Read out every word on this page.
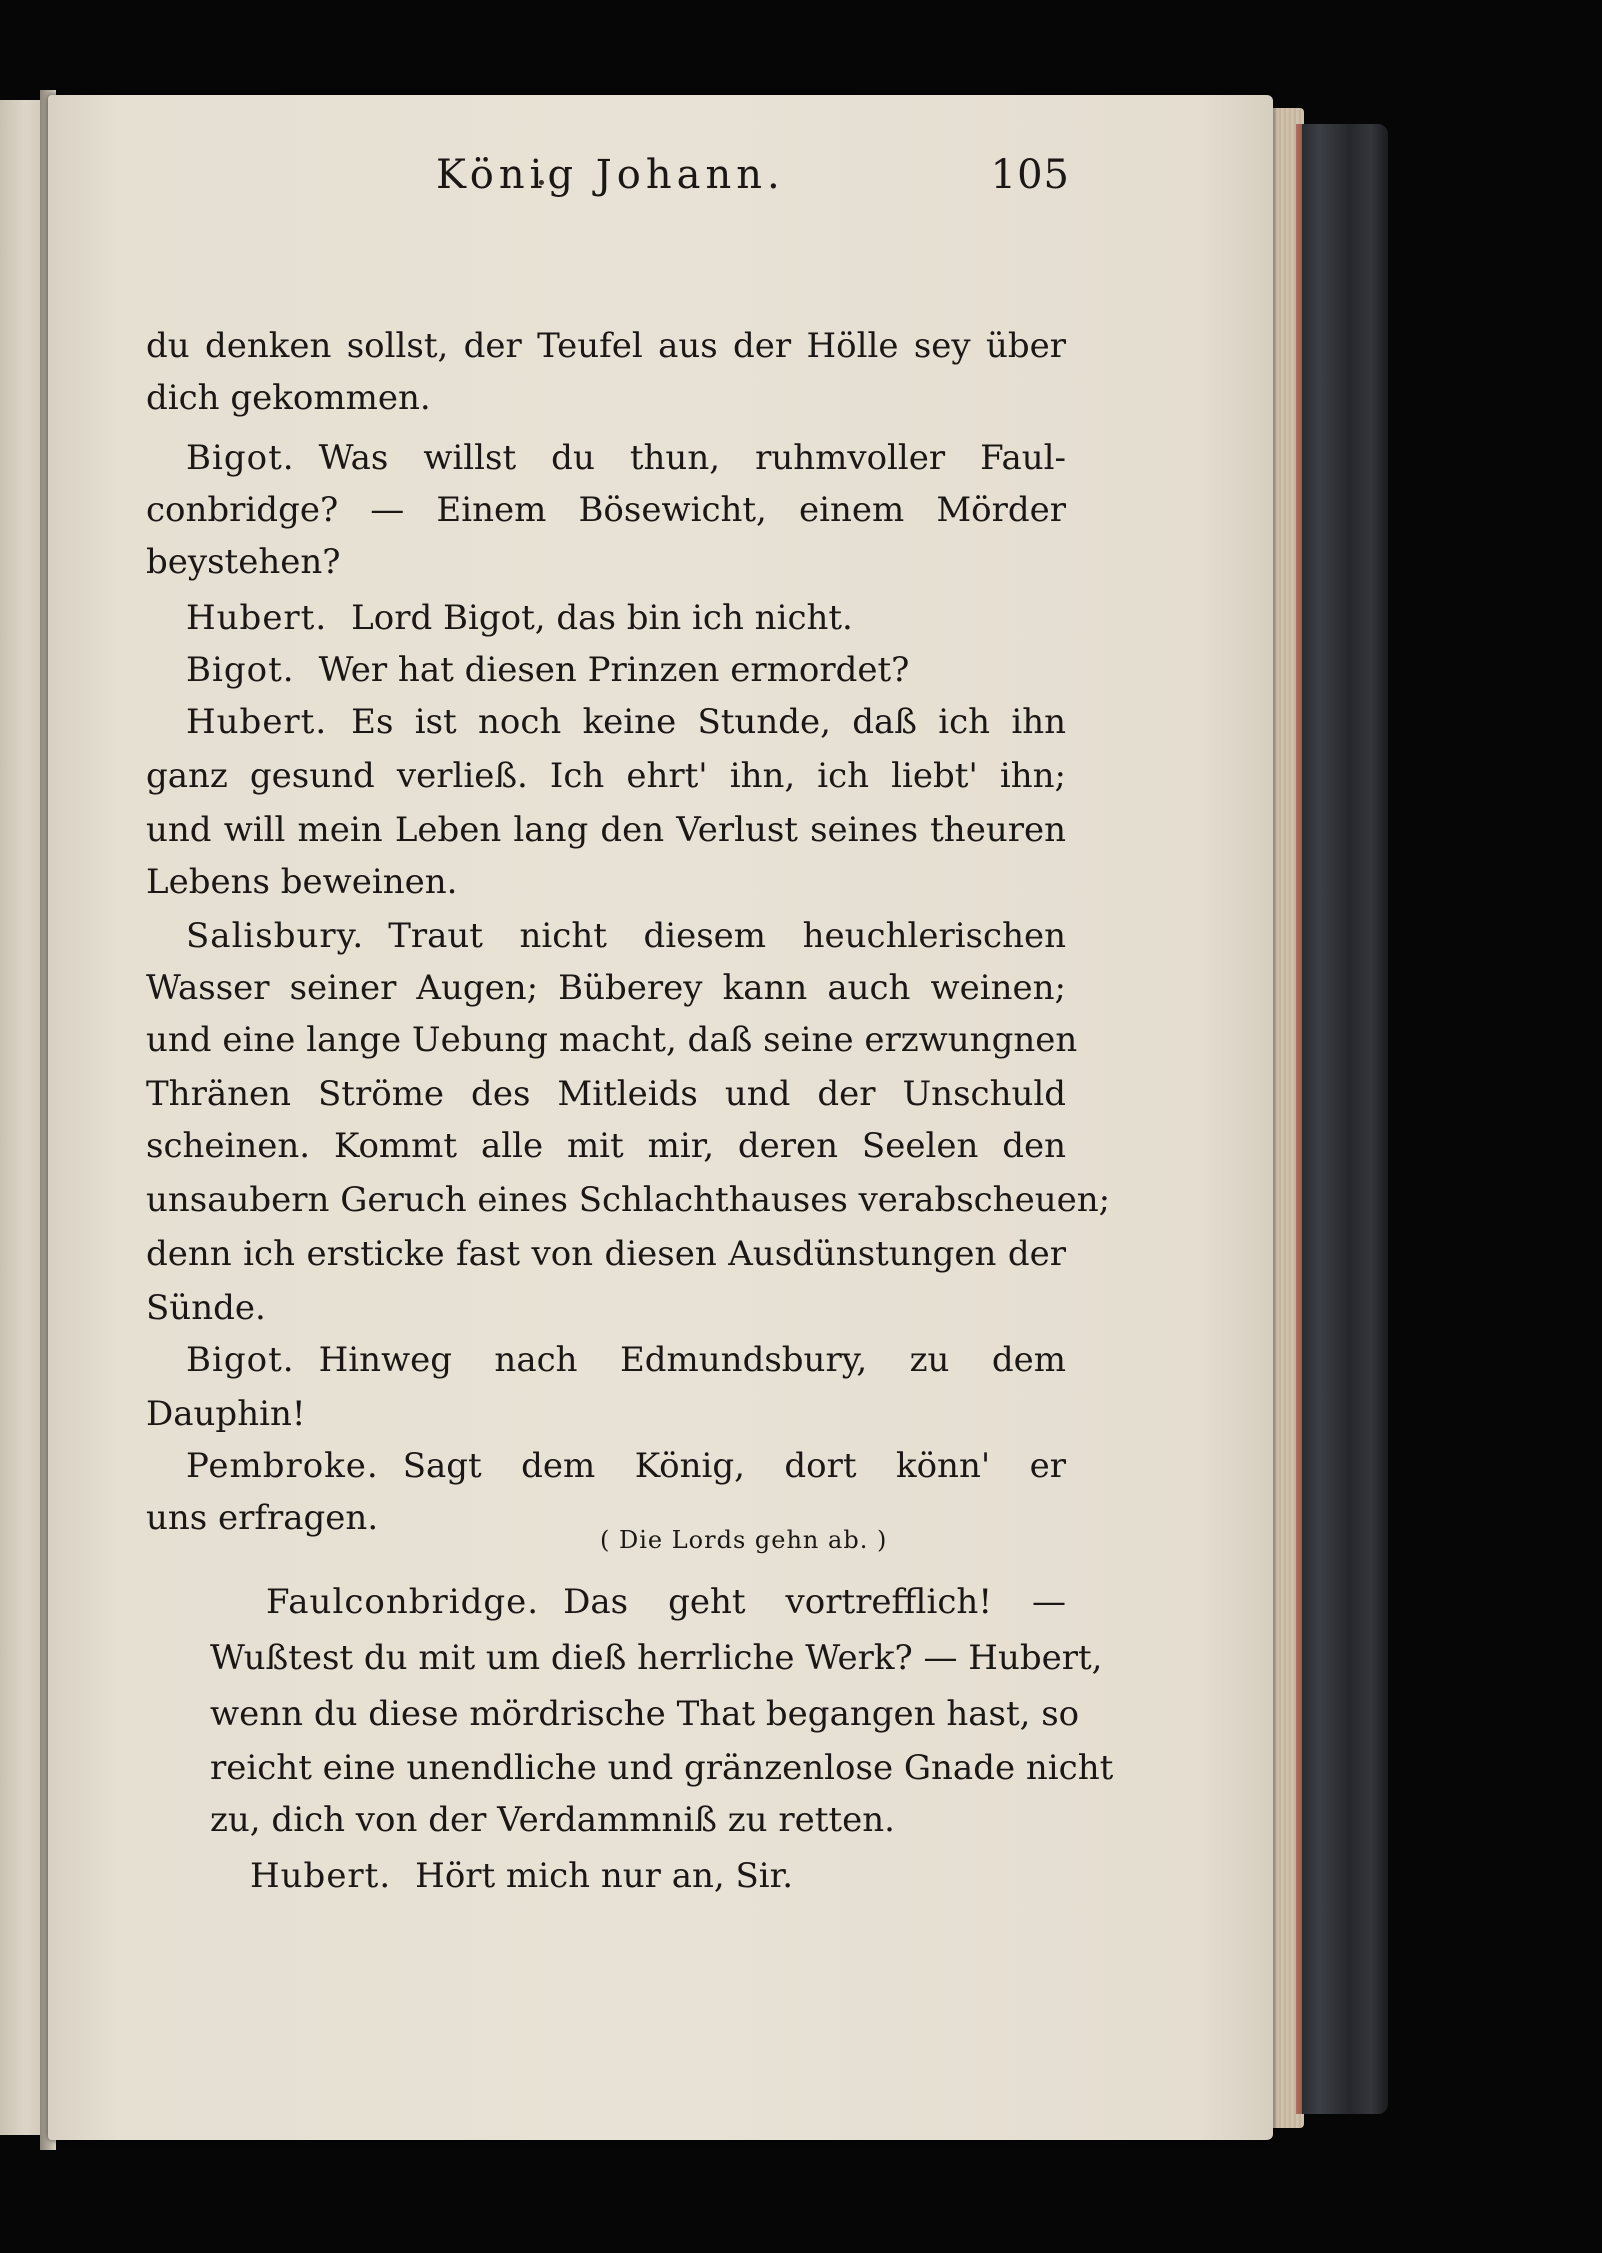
König Johann.	105
du denken sollst, der Teufel aus der Hölle sey über
dich gekommen.
Bigot. Was willst du thun, ruhmvoller Faul-
conbridge? — Einem Bösewicht, einem Mörder
beystehen?
Hubert. Lord Bigot, das bin ich nicht.
Bigot. Wer hat diesen Prinzen ermordet?
Hubert. Es ist noch keine Stunde, daß ich ihn
ganz gesund verließ. Ich ehrt' ihn, ich liebt' ihn;
und will mein Leben lang den Verlust seines theuren
Lebens beweinen.
Salisbury. Traut nicht diesem heuchlerischen
Wasser seiner Augen; Büberey kann auch weinen;
und eine lange Uebung macht, daß seine erzwungnen
Thränen Ströme des Mitleids und der Unschuld
scheinen. Kommt alle mit mir, deren Seelen den
unsaubern Geruch eines Schlachthauses verabscheuen;
denn ich ersticke fast von diesen Ausdünstungen der
Sünde.
Bigot. Hinweg nach Edmundsbury, zu dem
Dauphin!
Pembroke. Sagt dem König, dort könn' er
uns erfragen.
( Die Lords gehn ab. )
Faulconbridge. Das geht vortrefflich! —
Wußtest du mit um dieß herrliche Werk? — Hubert,
wenn du diese mördrische That begangen hast, so
reicht eine unendliche und gränzenlose Gnade nicht
zu, dich von der Verdammniß zu retten.
Hubert. Hört mich nur an, Sir.
